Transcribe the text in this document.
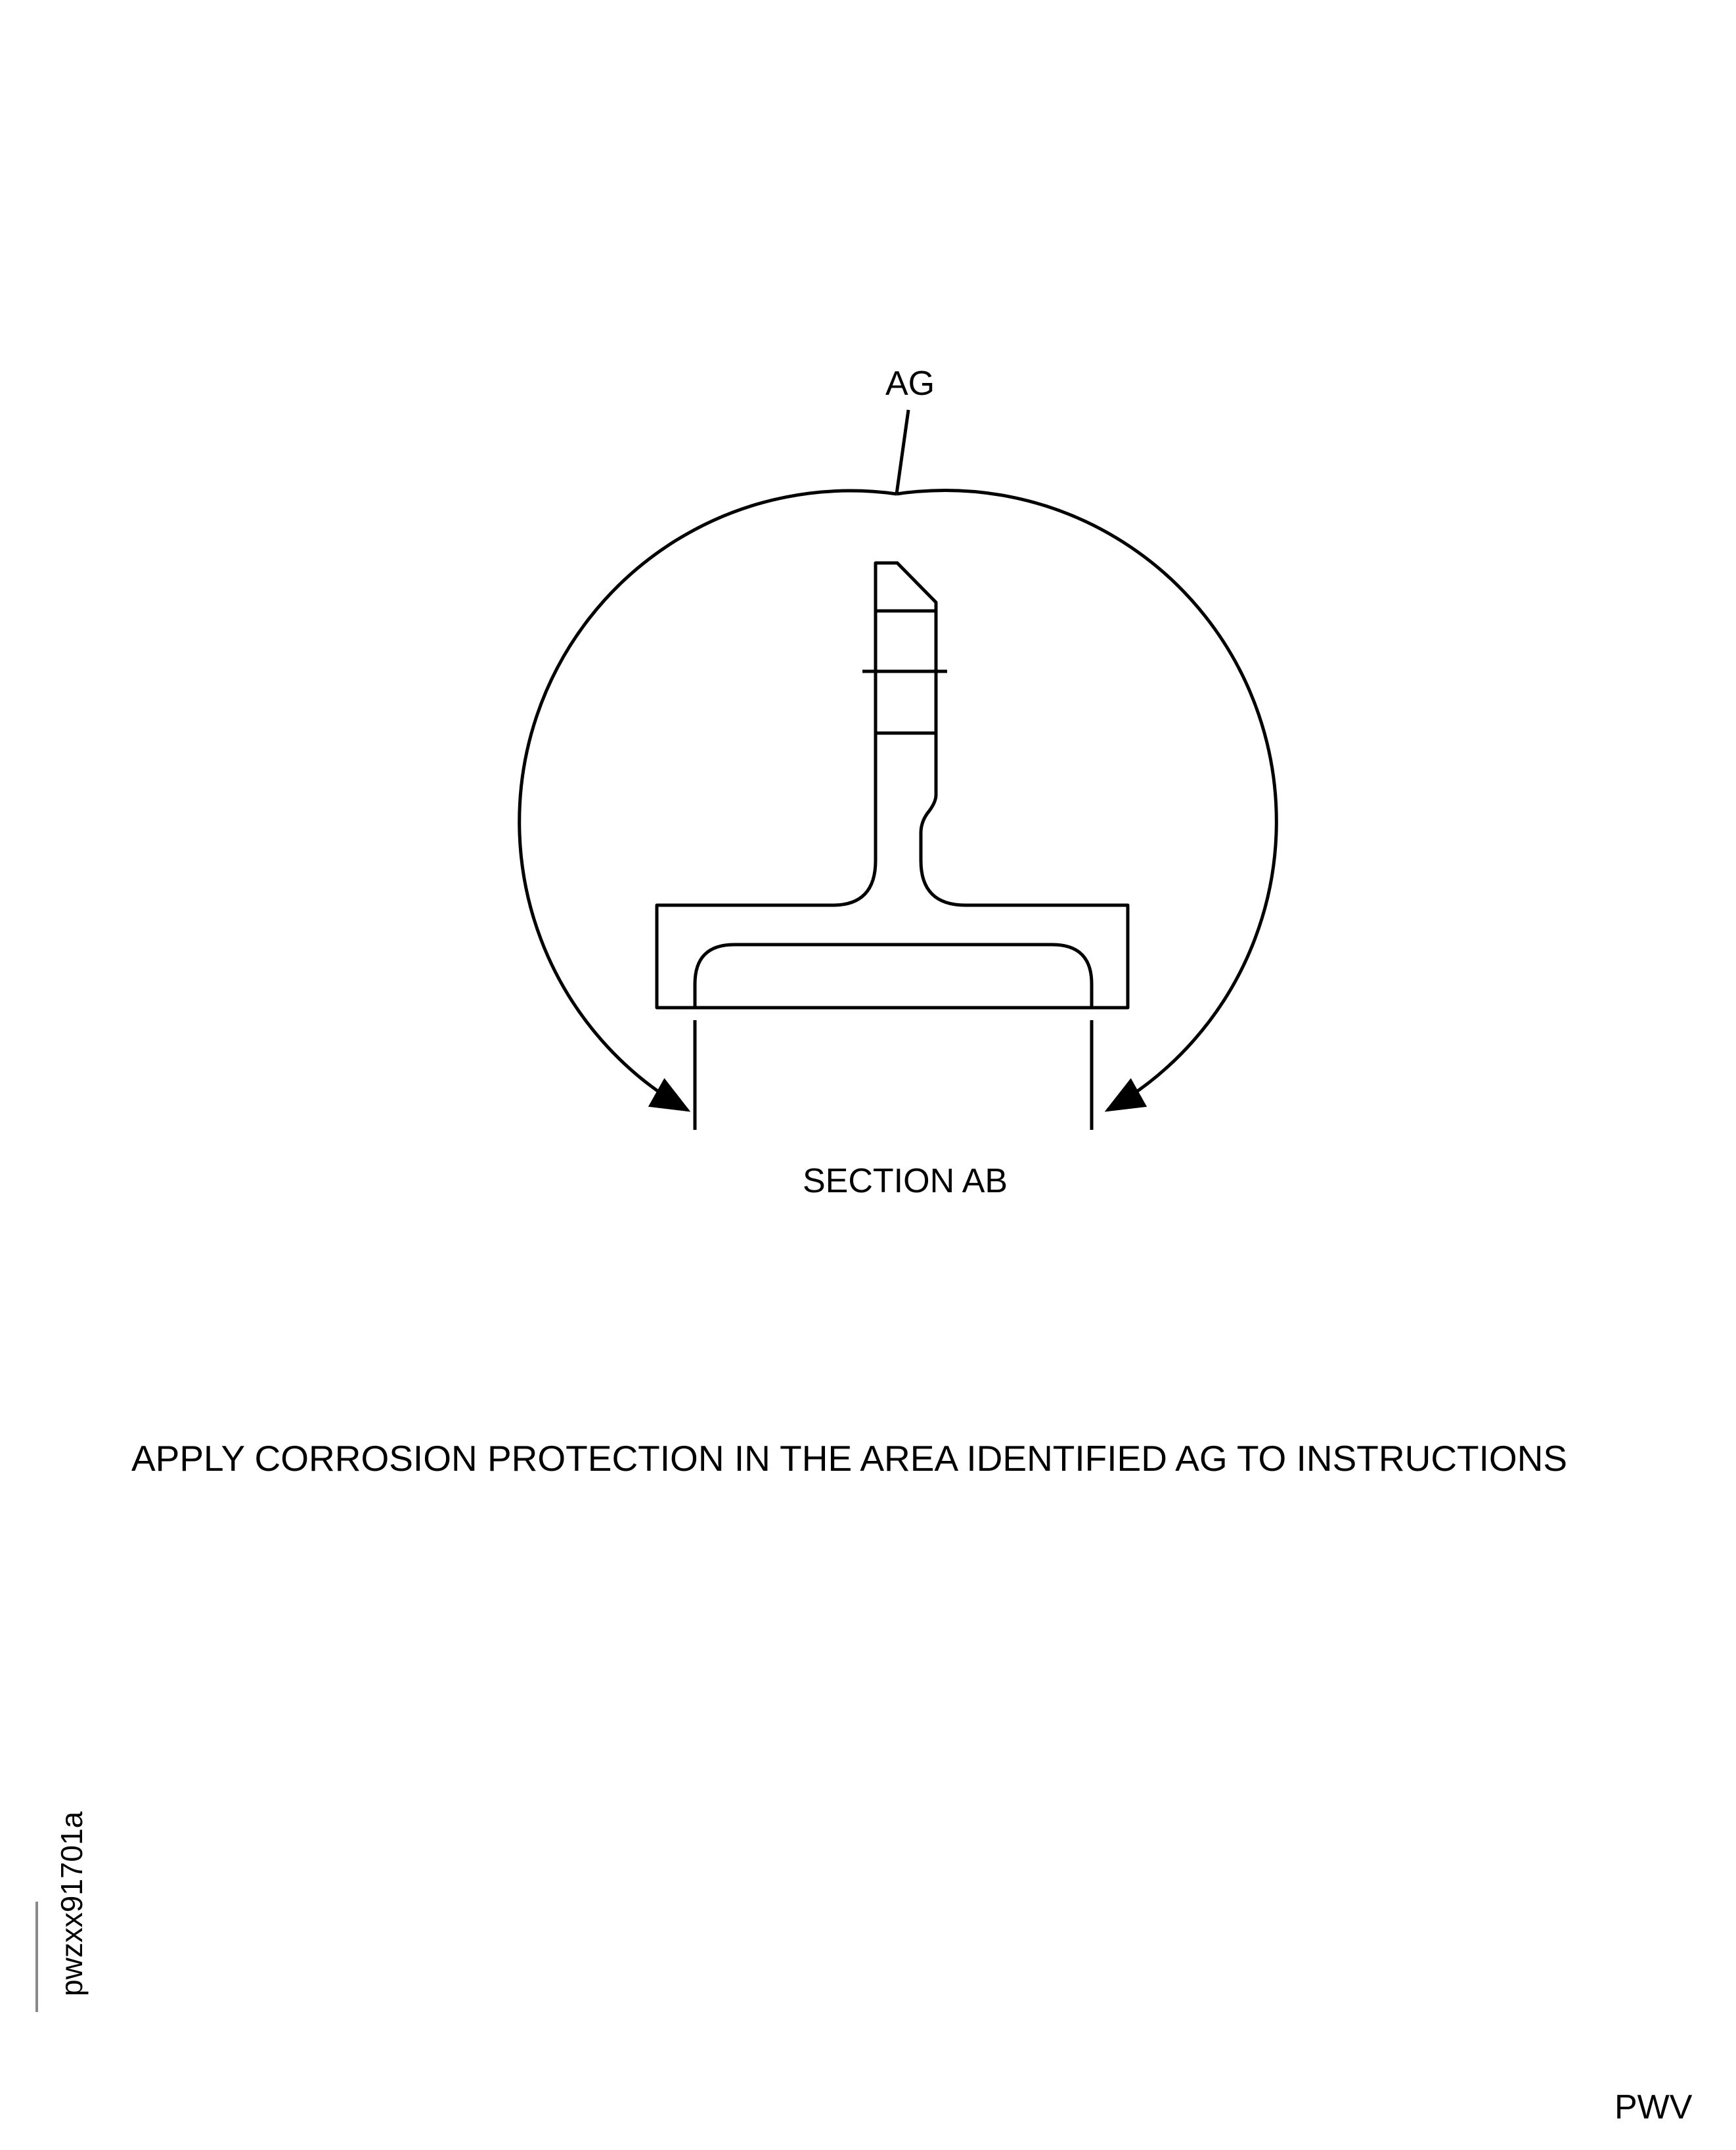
AG
SECTION AB
APPLY CORROSION PROTECTION IN THE AREA IDENTIFIED AG TO INSTRUCTIONS
pwzxx91701a
PWV
